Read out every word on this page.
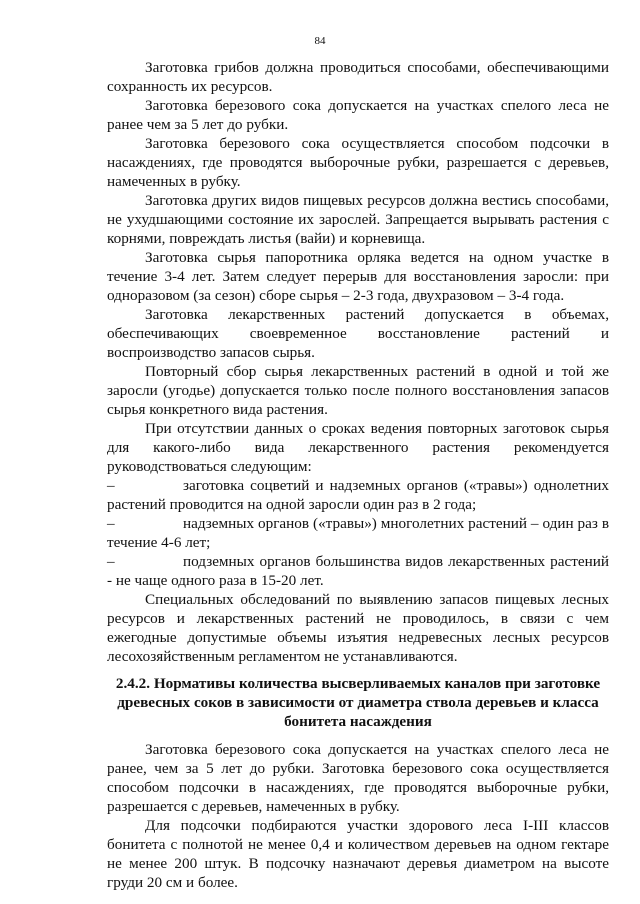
84

Заготовка грибов должна проводиться способами, обеспечивающими сохранность их ресурсов.

Заготовка березового сока допускается на участках спелого леса не ранее чем за 5 лет до рубки.

Заготовка березового сока осуществляется способом подсочки в насаждениях, где проводятся выборочные рубки, разрешается с деревьев, намеченных в рубку.

Заготовка других видов пищевых ресурсов должна вестись способами, не ухудшающими состояние их зарослей. Запрещается вырывать растения с корнями, повреждать листья (вайи) и корневища.

Заготовка сырья папоротника орляка ведется на одном участке в течение 3-4 лет. Затем следует перерыв для восстановления заросли: при одноразовом (за сезон) сборе сырья – 2-3 года, двухразовом – 3-4 года.

Заготовка лекарственных растений допускается в объемах, обеспечивающих своевременное восстановление растений и воспроизводство запасов сырья.

Повторный сбор сырья лекарственных растений в одной и той же заросли (угодье) допускается только после полного восстановления запасов сырья конкретного вида растения.

При отсутствии данных о сроках ведения повторных заготовок сырья для какого-либо вида лекарственного растения рекомендуется руководствоваться следующим:

–	заготовка соцветий и надземных органов («травы») однолетних растений проводится на одной заросли один раз в 2 года;

–	надземных органов («травы») многолетних растений – один раз в течение 4-6 лет;

–	подземных органов большинства видов лекарственных растений - не чаще одного раза в 15-20 лет.

Специальных обследований по выявлению запасов пищевых лесных ресурсов и лекарственных растений не проводилось, в связи с чем ежегодные допустимые объемы изъятия недревесных лесных ресурсов лесохозяйственным регламентом не устанавливаются.

2.4.2. Нормативы количества высверливаемых каналов при заготовке древесных соков в зависимости от диаметра ствола деревьев и класса бонитета насаждения

Заготовка березового сока допускается на участках спелого леса не ранее, чем за 5 лет до рубки. Заготовка березового сока осуществляется способом подсочки в насаждениях, где проводятся выборочные рубки, разрешается с деревьев, намеченных в рубку.

Для подсочки подбираются участки здорового леса I-III классов бонитета с полнотой не менее 0,4 и количеством деревьев на одном гектаре не менее 200 штук. В подсочку назначают деревья диаметром на высоте груди 20 см и более.
